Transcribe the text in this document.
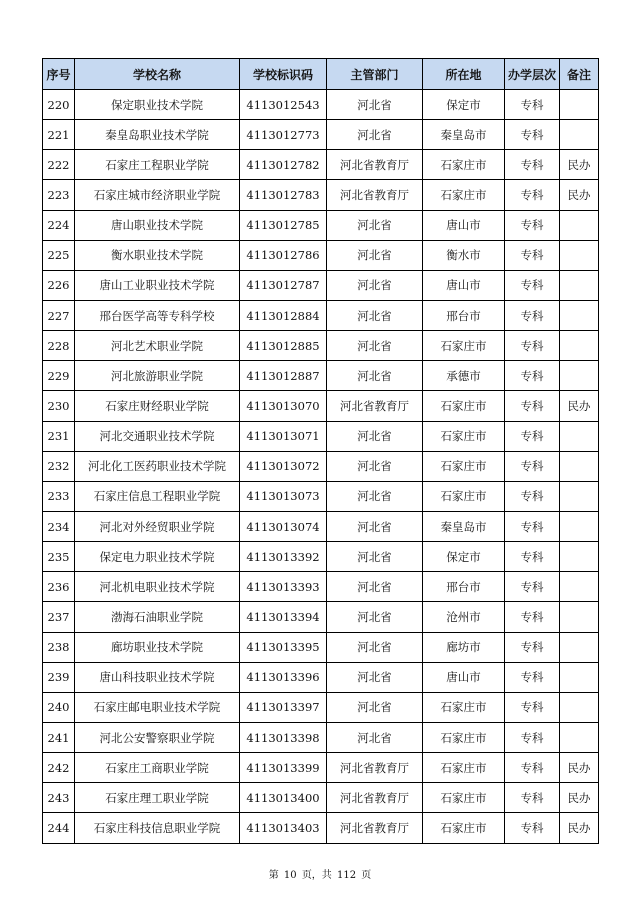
序号	学校名称	学校标识码	主管部门	所在地	办学层次	备注
220	保定职业技术学院	4113012543	河北省	保定市	专科	
221	秦皇岛职业技术学院	4113012773	河北省	秦皇岛市	专科	
222	石家庄工程职业学院	4113012782	河北省教育厅	石家庄市	专科	民办
223	石家庄城市经济职业学院	4113012783	河北省教育厅	石家庄市	专科	民办
224	唐山职业技术学院	4113012785	河北省	唐山市	专科	
225	衡水职业技术学院	4113012786	河北省	衡水市	专科	
226	唐山工业职业技术学院	4113012787	河北省	唐山市	专科	
227	邢台医学高等专科学校	4113012884	河北省	邢台市	专科	
228	河北艺术职业学院	4113012885	河北省	石家庄市	专科	
229	河北旅游职业学院	4113012887	河北省	承德市	专科	
230	石家庄财经职业学院	4113013070	河北省教育厅	石家庄市	专科	民办
231	河北交通职业技术学院	4113013071	河北省	石家庄市	专科	
232	河北化工医药职业技术学院	4113013072	河北省	石家庄市	专科	
233	石家庄信息工程职业学院	4113013073	河北省	石家庄市	专科	
234	河北对外经贸职业学院	4113013074	河北省	秦皇岛市	专科	
235	保定电力职业技术学院	4113013392	河北省	保定市	专科	
236	河北机电职业技术学院	4113013393	河北省	邢台市	专科	
237	渤海石油职业学院	4113013394	河北省	沧州市	专科	
238	廊坊职业技术学院	4113013395	河北省	廊坊市	专科	
239	唐山科技职业技术学院	4113013396	河北省	唐山市	专科	
240	石家庄邮电职业技术学院	4113013397	河北省	石家庄市	专科	
241	河北公安警察职业学院	4113013398	河北省	石家庄市	专科	
242	石家庄工商职业学院	4113013399	河北省教育厅	石家庄市	专科	民办
243	石家庄理工职业学院	4113013400	河北省教育厅	石家庄市	专科	民办
244	石家庄科技信息职业学院	4113013403	河北省教育厅	石家庄市	专科	民办
第 10 页，共 112 页
